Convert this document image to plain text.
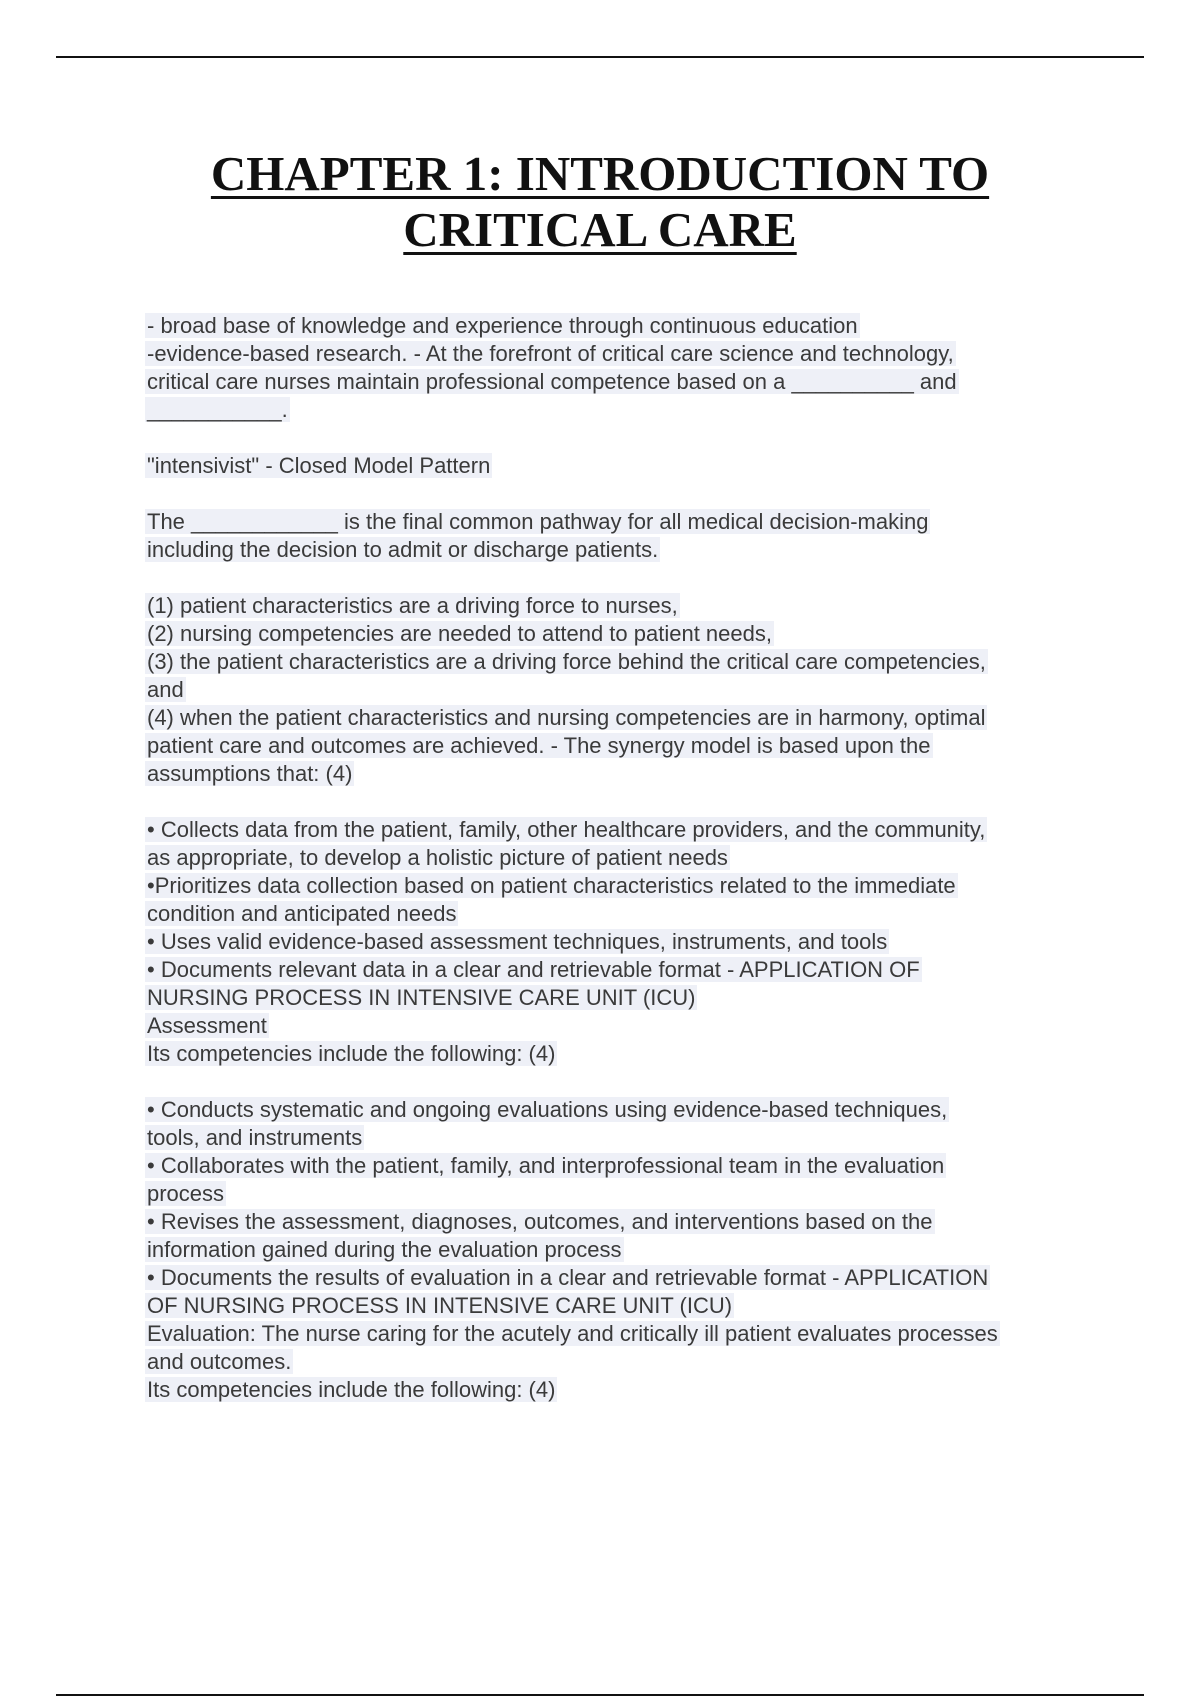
CHAPTER 1: INTRODUCTION TO
CRITICAL CARE
- broad base of knowledge and experience through continuous education
-evidence-based research. - At the forefront of critical care science and technology,
critical care nurses maintain professional competence based on a __________ and
___________.
"intensivist" - Closed Model Pattern
The ____________ is the final common pathway for all medical decision-making
including the decision to admit or discharge patients.
(1) patient characteristics are a driving force to nurses,
(2) nursing competencies are needed to attend to patient needs,
(3) the patient characteristics are a driving force behind the critical care competencies,
and
(4) when the patient characteristics and nursing competencies are in harmony, optimal
patient care and outcomes are achieved. - The synergy model is based upon the
assumptions that: (4)
• Collects data from the patient, family, other healthcare providers, and the community,
as appropriate, to develop a holistic picture of patient needs
•Prioritizes data collection based on patient characteristics related to the immediate
condition and anticipated needs
• Uses valid evidence-based assessment techniques, instruments, and tools
• Documents relevant data in a clear and retrievable format - APPLICATION OF
NURSING PROCESS IN INTENSIVE CARE UNIT (ICU)
Assessment
Its competencies include the following: (4)
• Conducts systematic and ongoing evaluations using evidence-based techniques,
tools, and instruments
• Collaborates with the patient, family, and interprofessional team in the evaluation
process
• Revises the assessment, diagnoses, outcomes, and interventions based on the
information gained during the evaluation process
• Documents the results of evaluation in a clear and retrievable format - APPLICATION
OF NURSING PROCESS IN INTENSIVE CARE UNIT (ICU)
Evaluation: The nurse caring for the acutely and critically ill patient evaluates processes
and outcomes.
Its competencies include the following: (4)
